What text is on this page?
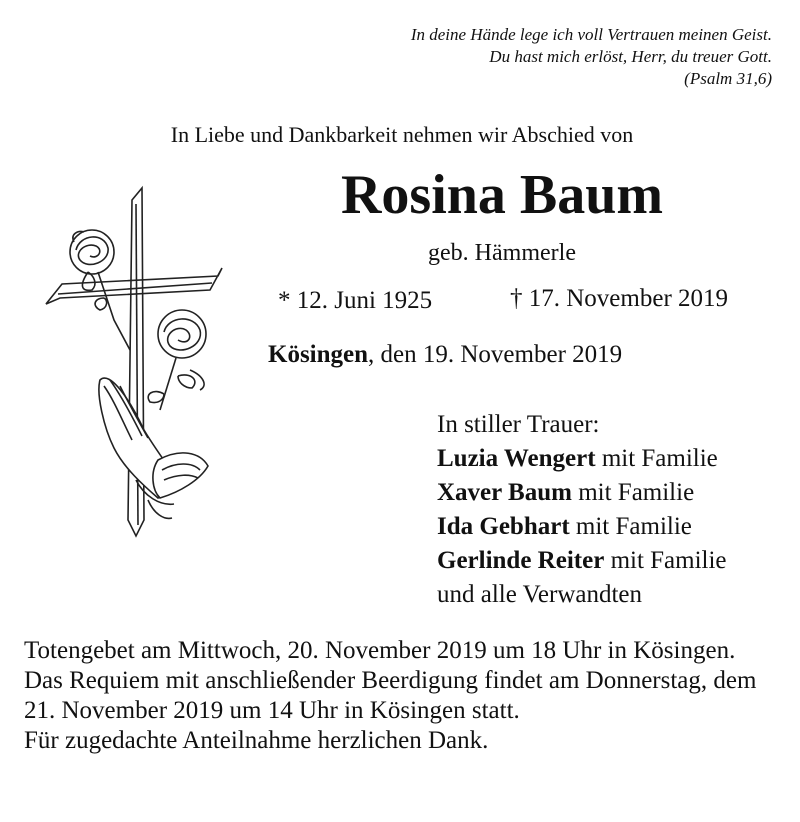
In deine Hände lege ich voll Vertrauen meinen Geist.
Du hast mich erlöst, Herr, du treuer Gott.
(Psalm 31,6)
In Liebe und Dankbarkeit nehmen wir Abschied von
Rosina Baum
geb. Hämmerle
* 12. Juni 1925	† 17. November 2019
Kösingen, den 19. November 2019
In stiller Trauer:
Luzia Wengert mit Familie
Xaver Baum mit Familie
Ida Gebhart mit Familie
Gerlinde Reiter mit Familie
und alle Verwandten

Totengebet am Mittwoch, 20. November 2019 um 18 Uhr in Kösingen.

Das Requiem mit anschließender Beerdigung findet am Donnerstag, dem 21. November 2019 um 14 Uhr in Kösingen statt.

Für zugedachte Anteilnahme herzlichen Dank.
